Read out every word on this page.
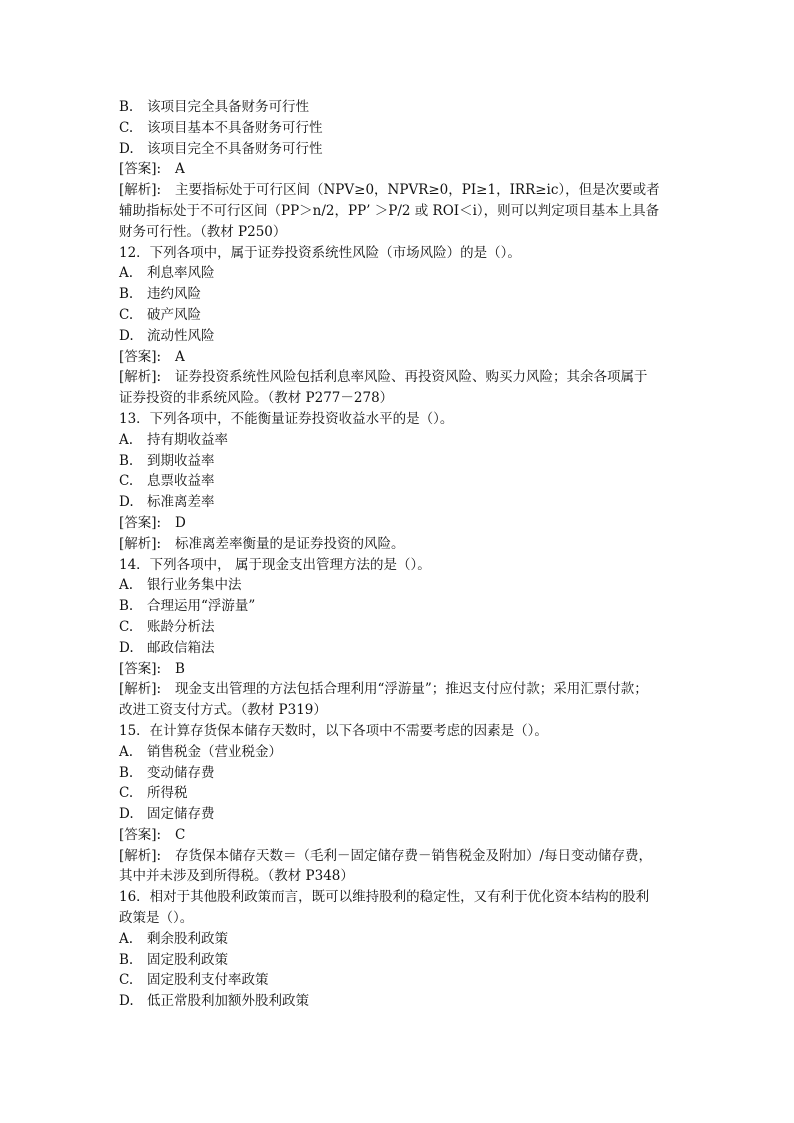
B. 该项目完全具备财务可行性
C. 该项目基本不具备财务可行性
D. 该项目完全不具备财务可行性
[答案]: A
[解析]: 主要指标处于可行区间（NPV≥0，NPVR≥0，PI≥1，IRR≥ic），但是次要或者
辅助指标处于不可行区间（PP＞n/2，PP’ ＞P/2 或 ROI＜i），则可以判定项目基本上具备
财务可行性。（教材 P250）
12．下列各项中，属于证券投资系统性风险（市场风险）的是（）。
A. 利息率风险
B. 违约风险
C. 破产风险
D. 流动性风险
[答案]: A
[解析]: 证券投资系统性风险包括利息率风险、再投资风险、购买力风险；其余各项属于
证券投资的非系统风险。（教材 P277－278）
13．下列各项中，不能衡量证券投资收益水平的是（）。
A. 持有期收益率
B. 到期收益率
C. 息票收益率
D. 标准离差率
[答案]: D
[解析]: 标准离差率衡量的是证券投资的风险。
14．下列各项中， 属于现金支出管理方法的是（）。
A. 银行业务集中法
B. 合理运用“浮游量”
C. 账龄分析法
D. 邮政信箱法
[答案]: B
[解析]: 现金支出管理的方法包括合理利用“浮游量”；推迟支付应付款；采用汇票付款；
改进工资支付方式。（教材 P319）
15．在计算存货保本储存天数时，以下各项中不需要考虑的因素是（）。
A. 销售税金（营业税金）
B. 变动储存费
C. 所得税
D. 固定储存费
[答案]: C
[解析]: 存货保本储存天数＝（毛利－固定储存费－销售税金及附加）/每日变动储存费，
其中并未涉及到所得税。（教材 P348）
16．相对于其他股利政策而言，既可以维持股利的稳定性，又有利于优化资本结构的股利
政策是（）。
A. 剩余股利政策
B. 固定股利政策
C. 固定股利支付率政策
D. 低正常股利加额外股利政策
